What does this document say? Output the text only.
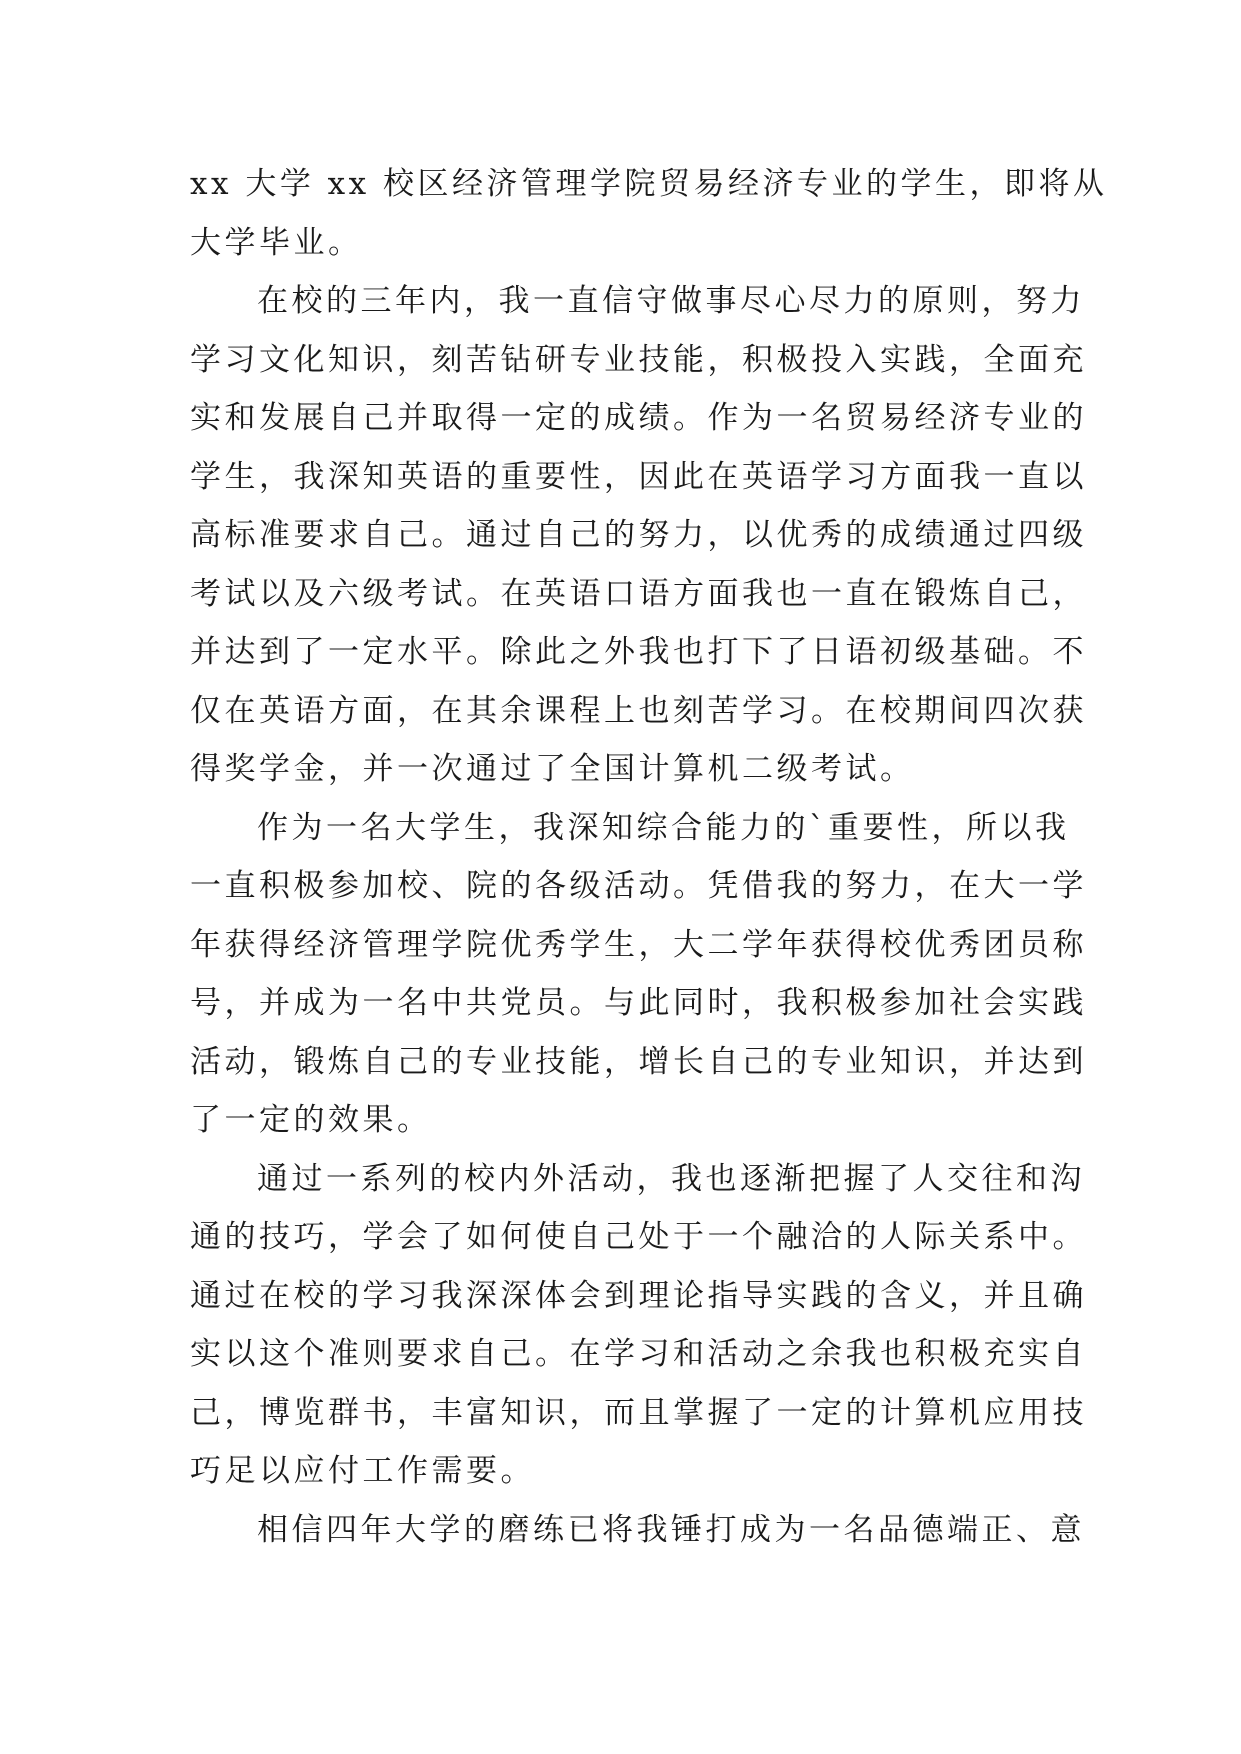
xx 大学 xx 校区经济管理学院贸易经济专业的学生，即将从
大学毕业。
在校的三年内，我一直信守做事尽心尽力的原则，努力
学习文化知识，刻苦钻研专业技能，积极投入实践，全面充
实和发展自己并取得一定的成绩。作为一名贸易经济专业的
学生，我深知英语的重要性，因此在英语学习方面我一直以
高标准要求自己。通过自己的努力，以优秀的成绩通过四级
考试以及六级考试。在英语口语方面我也一直在锻炼自己，
并达到了一定水平。除此之外我也打下了日语初级基础。不
仅在英语方面，在其余课程上也刻苦学习。在校期间四次获
得奖学金，并一次通过了全国计算机二级考试。
作为一名大学生，我深知综合能力的`重要性，所以我
一直积极参加校、院的各级活动。凭借我的努力，在大一学
年获得经济管理学院优秀学生，大二学年获得校优秀团员称
号，并成为一名中共党员。与此同时，我积极参加社会实践
活动，锻炼自己的专业技能，增长自己的专业知识，并达到
了一定的效果。
通过一系列的校内外活动，我也逐渐把握了人交往和沟
通的技巧，学会了如何使自己处于一个融洽的人际关系中。
通过在校的学习我深深体会到理论指导实践的含义，并且确
实以这个准则要求自己。在学习和活动之余我也积极充实自
己，博览群书，丰富知识，而且掌握了一定的计算机应用技
巧足以应付工作需要。
相信四年大学的磨练已将我锤打成为一名品德端正、意
